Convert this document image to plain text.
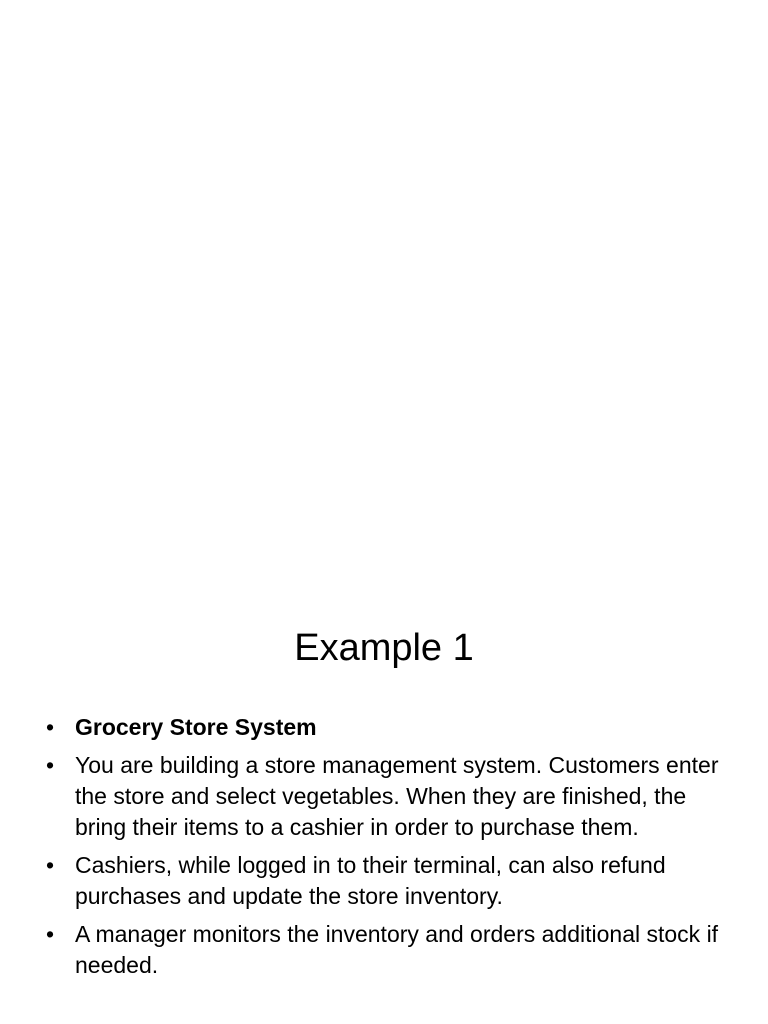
Example 1
• Grocery Store System
• You are building a store management system. Customers enter the store and select vegetables. When they are finished, the bring their items to a cashier in order to purchase them.
• Cashiers, while logged in to their terminal, can also refund purchases and update the store inventory.
• A manager monitors the inventory and orders additional stock if needed.
